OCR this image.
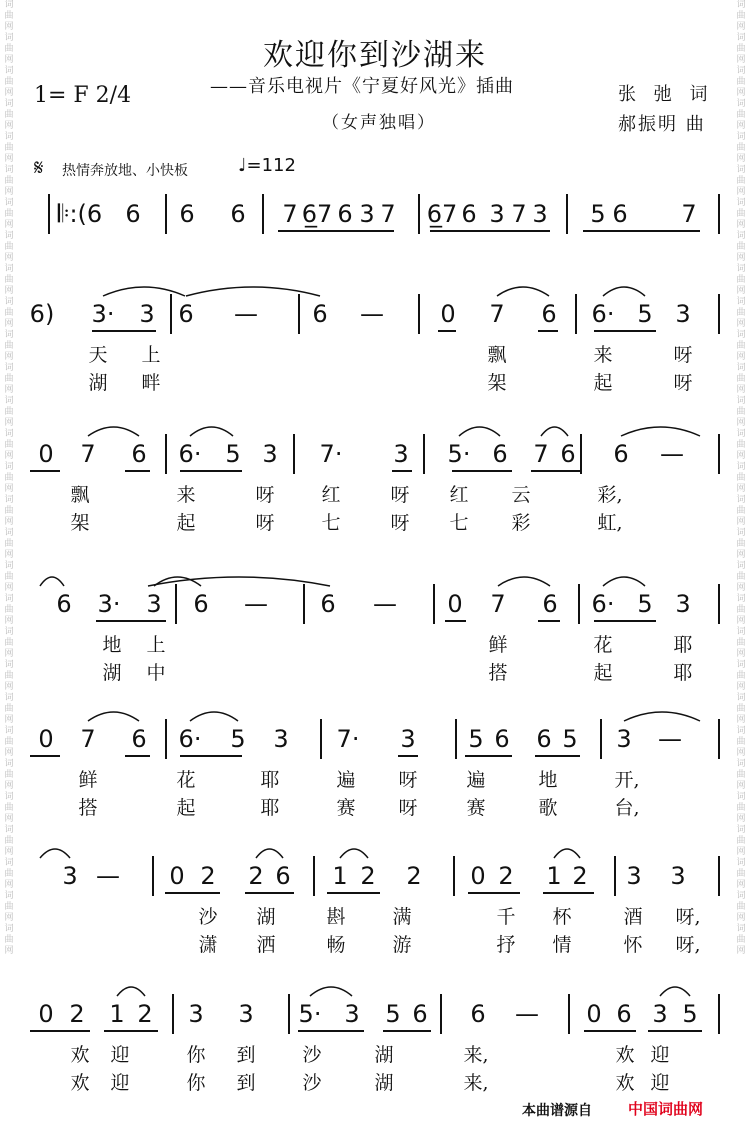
词
曲
网
词
曲
网
词
曲
网
词
曲
网
词
曲
网
词
曲
网
词
曲
网
词
曲
网
词
曲
网
词
曲
网
词
曲
网
词
曲
网
词
曲
网
词
曲
网
词
曲
网
词
曲
网
词
曲
网
词
曲
网
词
曲
网
词
曲
网
词
曲
网
词
曲
网
词
曲
网
词
曲
网
词
曲
网
词
曲
网
词
曲
网
词
曲
网
词
曲
网
词
曲
网
词
曲
网
词
曲
网
词
曲
网
词
曲
网
词
曲
网
词
曲
网
词
曲
网
词
曲
网
词
曲
网
词
曲
网
词
曲
网
词
曲
网
词
曲
网
词
曲
网
词
曲
网
词
曲
网
词
曲
网
词
曲
网
词
曲
网
词
曲
网
词
曲
网
词
曲
网
词
曲
网
词
曲
网
词
曲
网
词
曲
网
词
曲
网
词
曲
网
欢迎你到沙湖来
——音乐电视片《宁夏好风光》插曲
（女声独唱）
1= F 2/4	张 弛 词
郝振明 曲
𝄋 热情奔放地、小快板	♩=112
𝄆:(6 6 6 6 7 6̲7 6 3 7 6̲7 6 3 7 3 5 6 7
6) 3· 3 6 — 6 — 0 7 6 6· 5 3
天 上	飘	来	呀
湖 畔	架	起	呀
0 7 6 6· 5 3 7· 3 5· 6 7 6 6 —
飘	来	呀 红	呀 红 云	彩,
架	起	呀 七	呀 七 彩	虹,
6 3· 3 6 — 6 — 0 7 6 6· 5 3
地 上	鲜	花	耶
湖 中	搭	起	耶
0 7 6 6· 5 3 7· 3 5 6 6 5 3 —
鲜	花	耶	遍 呀	遍	地	开,
搭	起	耶	赛 呀	赛	歌	台,
3 — 0 2 2 6 1 2 2 0 2 1 2 3 3
沙 湖	斟 满	千 杯	酒 呀,
潇 洒	畅 游	抒 情	怀 呀,
0 2 1 2 3 3 5· 3 5 6 6 — 0 6 3 5
欢 迎	你 到 沙	湖	来,	欢 迎
欢 迎	你 到 沙	湖	来,	欢 迎
本曲谱源自 中国词曲网
